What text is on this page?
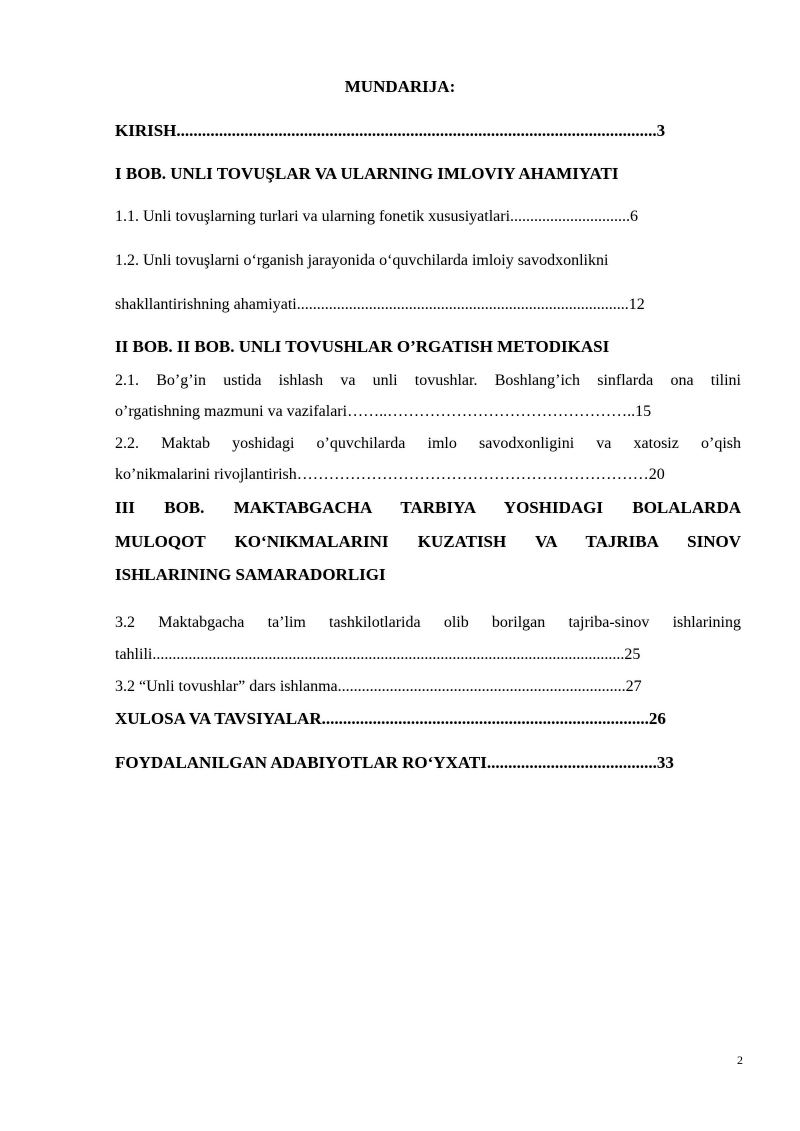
MUNDARIJA:
KIRISH.................................................................................................................3
I BOB. UNLI TOVUŞLAR VA ULARNING IMLOVIY AHAMIYATI
1.1. Unli tovuşlarning turlari va ularning fonetik xususiyatlari..............................6
1.2. Unli tovuşlarni o‘rganish jarayonida o‘quvchilarda imloiy savodxonlikni
shakllantirishning ahamiyati...................................................................................12
II BOB. II BOB. UNLI TOVUSHLAR O’RGATISH METODIKASI
2.1. Bo’g’in ustida ishlash va unli tovushlar. Boshlang’ich sinflarda ona tilini
o’rgatishning mazmuni va vazifalari……..………………………………………..15
2.2. Maktab yoshidagi o’quvchilarda imlo savodxonligini va xatosiz o’qish
ko’nikmalarini rivojlantirish…………………………………………………………20
III BOB. MAKTABGACHA TARBIYA YOSHIDAGI BOLALARDA
MULOQOT KO‘NIKMALARINI KUZATISH VA TAJRIBA SINOV
ISHLARINING SAMARADORLIGI
3.2 Maktabgacha ta’lim tashkilotlarida olib borilgan tajriba-sinov ishlarining
tahlili......................................................................................................................25
3.2 “Unli tovushlar” dars ishlanma........................................................................27
XULOSA VA TAVSIYALAR.............................................................................26
FOYDALANILGAN ADABIYOTLAR RO‘YXATI........................................33
2
